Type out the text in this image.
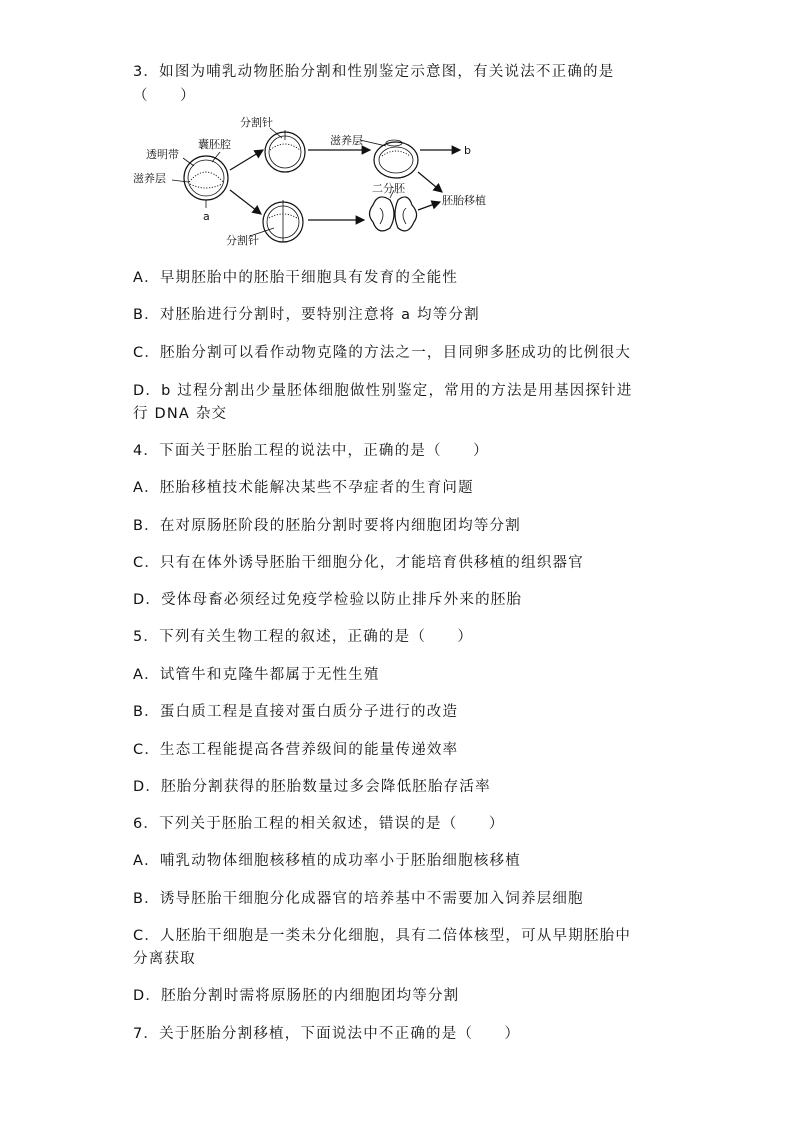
3．如图为哺乳动物胚胎分割和性别鉴定示意图，有关说法不正确的是
（　　）
分割针
透明带
囊胚腔
滋养层
a
滋养层
b
二分胚
胚胎移植
分割针
A．早期胚胎中的胚胎干细胞具有发育的全能性
B．对胚胎进行分割时，要特别注意将 a 均等分割
C．胚胎分割可以看作动物克隆的方法之一，目同卵多胚成功的比例很大
D．b 过程分割出少量胚体细胞做性别鉴定，常用的方法是用基因探针进
行 DNA 杂交
4．下面关于胚胎工程的说法中，正确的是（　　）
A．胚胎移植技术能解决某些不孕症者的生育问题
B．在对原肠胚阶段的胚胎分割时要将内细胞团均等分割
C．只有在体外诱导胚胎干细胞分化，才能培育供移植的组织器官
D．受体母畜必须经过免疫学检验以防止排斥外来的胚胎
5．下列有关生物工程的叙述，正确的是（　　）
A．试管牛和克隆牛都属于无性生殖
B．蛋白质工程是直接对蛋白质分子进行的改造
C．生态工程能提高各营养级间的能量传递效率
D．胚胎分割获得的胚胎数量过多会降低胚胎存活率
6．下列关于胚胎工程的相关叙述，错误的是（　　）
A．哺乳动物体细胞核移植的成功率小于胚胎细胞核移植
B．诱导胚胎干细胞分化成器官的培养基中不需要加入饲养层细胞
C．人胚胎干细胞是一类未分化细胞，具有二倍体核型，可从早期胚胎中
分离获取
D．胚胎分割时需将原肠胚的内细胞团均等分割
7．关于胚胎分割移植，下面说法中不正确的是（　　）
